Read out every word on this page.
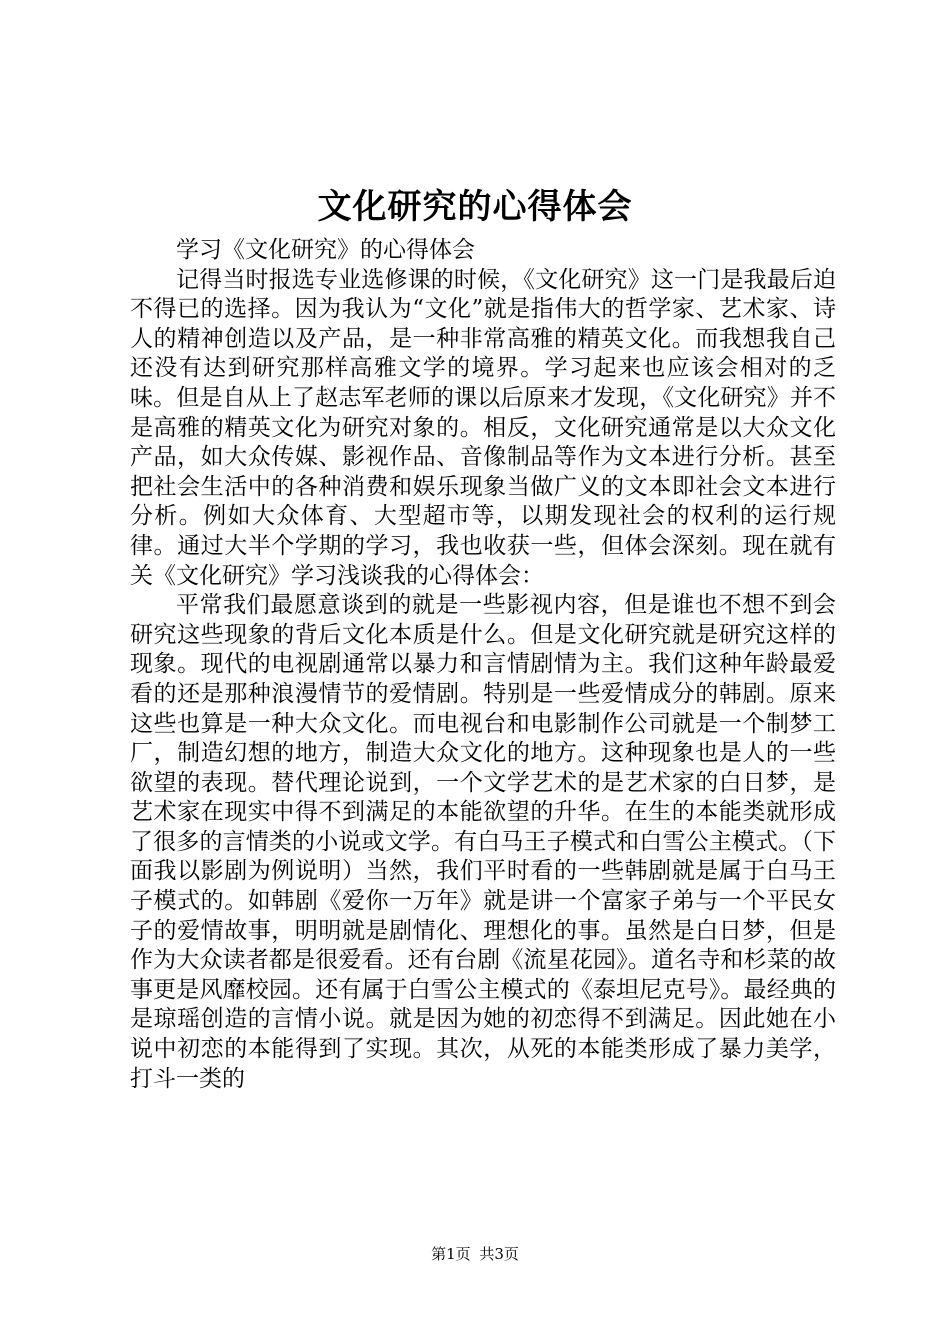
文化研究的心得体会

学习《文化研究》的心得体会

记得当时报选专业选修课的时候，《文化研究》这一门是我最后迫不得已的选择。因为我认为“文化”就是指伟大的哲学家、艺术家、诗人的精神创造以及产品，是一种非常高雅的精英文化。而我想我自己还没有达到研究那样高雅文学的境界。学习起来也应该会相对的乏味。但是自从上了赵志军老师的课以后原来才发现，《文化研究》并不是高雅的精英文化为研究对象的。相反，文化研究通常是以大众文化产品，如大众传媒、影视作品、音像制品等作为文本进行分析。甚至把社会生活中的各种消费和娱乐现象当做广义的文本即社会文本进行分析。例如大众体育、大型超市等，以期发现社会的权利的运行规律。通过大半个学期的学习，我也收获一些，但体会深刻。现在就有关《文化研究》学习浅谈我的心得体会：

平常我们最愿意谈到的就是一些影视内容，但是谁也不想不到会研究这些现象的背后文化本质是什么。但是文化研究就是研究这样的现象。现代的电视剧通常以暴力和言情剧情为主。我们这种年龄最爱看的还是那种浪漫情节的爱情剧。特别是一些爱情成分的韩剧。原来这些也算是一种大众文化。而电视台和电影制作公司就是一个制梦工厂，制造幻想的地方，制造大众文化的地方。这种现象也是人的一些欲望的表现。替代理论说到，一个文学艺术的是艺术家的白日梦，是艺术家在现实中得不到满足的本能欲望的升华。在生的本能类就形成了很多的言情类的小说或文学。有白马王子模式和白雪公主模式。（下面我以影剧为例说明）当然，我们平时看的一些韩剧就是属于白马王子模式的。如韩剧《爱你一万年》就是讲一个富家子弟与一个平民女子的爱情故事，明明就是剧情化、理想化的事。虽然是白日梦，但是作为大众读者都是很爱看。还有台剧《流星花园》。道名寺和杉菜的故事更是风靡校园。还有属于白雪公主模式的《泰坦尼克号》。最经典的是琼瑶创造的言情小说。就是因为她的初恋得不到满足。因此她在小说中初恋的本能得到了实现。其次，从死的本能类形成了暴力美学，打斗一类的

第1页 共3页
